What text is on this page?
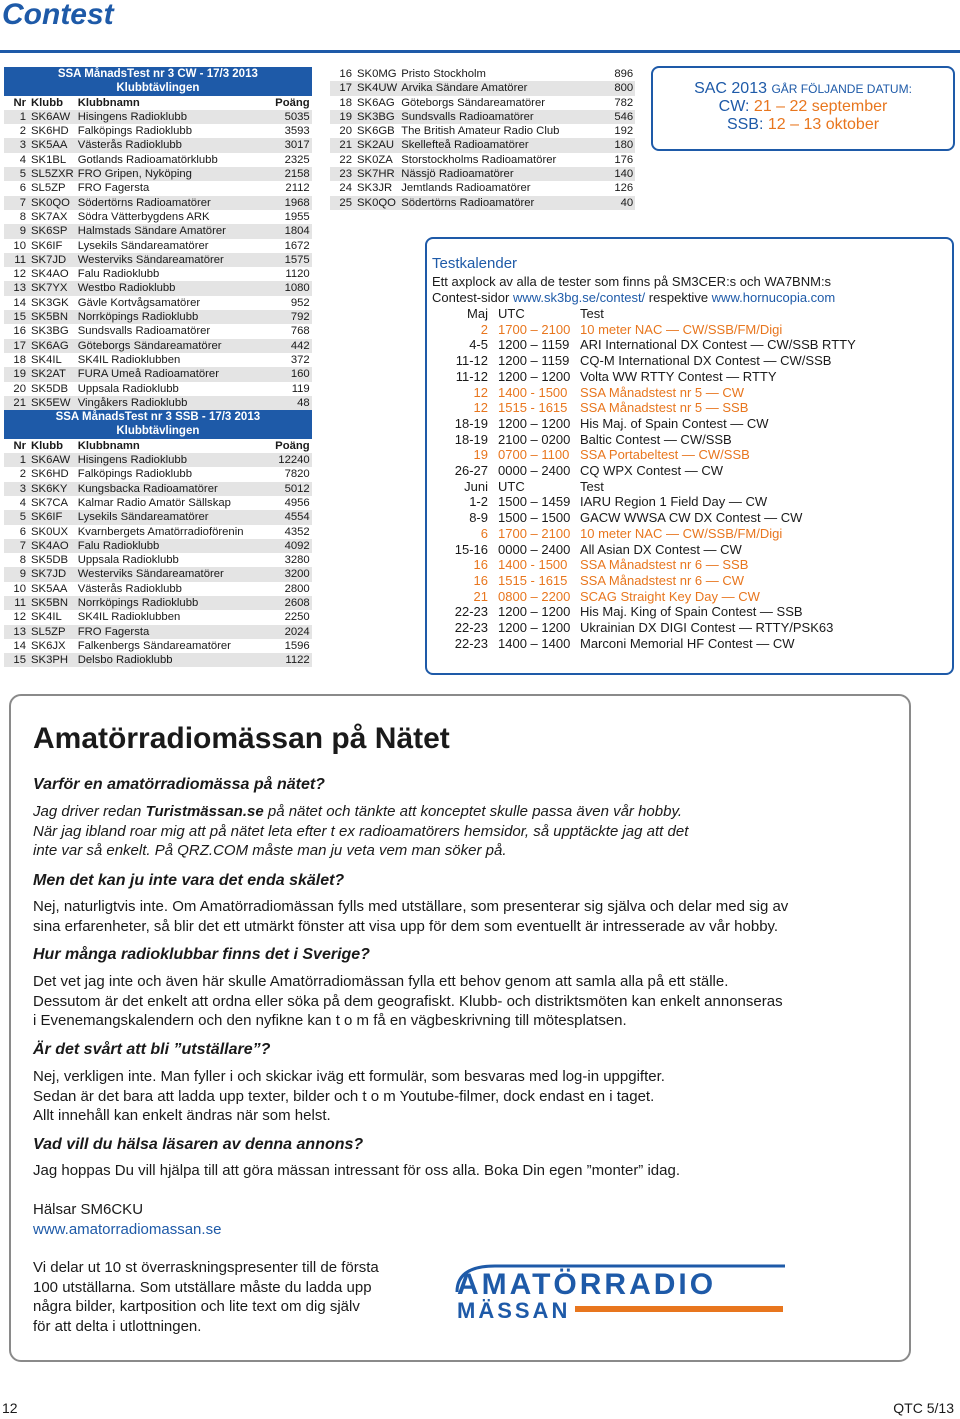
Contest
SSA MånadsTest nr 3 CW - 17/3 2013			
Klubbtävlingen			
Nr	Klubb	Klubbnamn	Poäng
1	SK6AW	Hisingens Radioklubb	5035
2	SK6HD	Falköpings Radioklubb	3593
3	SK5AA	Västerås Radioklubb	3017
4	SK1BL	Gotlands Radioamatörklubb	2325
5	SL5ZXR	FRO Gripen, Nyköping	2158
6	SL5ZP	FRO Fagersta	2112
7	SK0QO	Södertörns Radioamatörer	1968
8	SK7AX	Södra Vätterbygdens ARK	1955
9	SK6SP	Halmstads Sändare Amatörer	1804
10	SK6IF	Lysekils Sändareamatörer	1672
11	SK7JD	Westerviks Sändareamatörer	1575
12	SK4AO	Falu Radioklubb	1120
13	SK7YX	Westbo Radioklubb	1080
14	SK3GK	Gävle Kortvågsamatörer	952
15	SK5BN	Norrköpings Radioklubb	792
16	SK3BG	Sundsvalls Radioamatörer	768
17	SK6AG	Göteborgs Sändareamatörer	442
18	SK4IL	SK4IL Radioklubben	372
19	SK2AT	FURA Umeå Radioamatörer	160
20	SK5DB	Uppsala Radioklubb	119
21	SK5EW	Vingåkers Radioklubb	48
SSA MånadsTest nr 3 SSB - 17/3 2013			
Klubbtävlingen			
Nr	Klubb	Klubbnamn	Poäng
1	SK6AW	Hisingens Radioklubb	12240
2	SK6HD	Falköpings Radioklubb	7820
3	SK6KY	Kungsbacka Radioamatörer	5012
4	SK7CA	Kalmar Radio Amatör Sällskap	4956
5	SK6IF	Lysekils Sändareamatörer	4554
6	SK0UX	Kvarnbergets Amatörradioförenin	4352
7	SK4AO	Falu Radioklubb	4092
8	SK5DB	Uppsala Radioklubb	3280
9	SK7JD	Westerviks Sändareamatörer	3200
10	SK5AA	Västerås Radioklubb	2800
11	SK5BN	Norrköpings Radioklubb	2608
12	SK4IL	SK4IL Radioklubben	2250
13	SL5ZP	FRO Fagersta	2024
14	SK6JX	Falkenbergs Sändareamatörer	1596
15	SK3PH	Delsbo Radioklubb	1122
16	SK0MG	Pristo Stockholm	896
17	SK4UW	Arvika Sändare Amatörer	800
18	SK6AG	Göteborgs Sändareamatörer	782
19	SK3BG	Sundsvalls Radioamatörer	546
20	SK6GB	The British Amateur Radio Club	192
21	SK2AU	Skellefteå Radioamatörer	180
22	SK0ZA	Storstockholms Radioamatörer	176
23	SK7HR	Nässjö Radioamatörer	140
24	SK3JR	Jemtlands Radioamatörer	126
25	SK0QO	Södertörns Radioamatörer	40
SAC 2013 GÅR FÖLJANDE DATUM:
CW: 21 – 22 september
SSB: 12 – 13 oktober
Testkalender
Ett axplock av alla de tester som finns på SM3CER:s och WA7BNM:s
Contest-sidor www.sk3bg.se/contest/ respektive www.hornucopia.com
Maj	UTC	Test
2	1700 – 2100	10 meter NAC — CW/SSB/FM/Digi
4-5	1200 – 1159	ARI International DX Contest — CW/SSB RTTY
11-12	1200 – 1159	CQ-M International DX Contest — CW/SSB
11-12	1200 – 1200	Volta WW RTTY Contest — RTTY
12	1400 - 1500	SSA Månadstest nr 5 — CW
12	1515 - 1615	SSA Månadstest nr 5 — SSB
18-19	1200 – 1200	His Maj. of Spain Contest — CW
18-19	2100 – 0200	Baltic Contest — CW/SSB
19	0700 – 1100	SSA Portabeltest — CW/SSB
26-27	0000 – 2400	CQ WPX Contest — CW
Juni	UTC	Test
1-2	1500 – 1459	IARU Region 1 Field Day — CW
8-9	1500 – 1500	GACW WWSA CW DX Contest — CW
6	1700 – 2100	10 meter NAC — CW/SSB/FM/Digi
15-16	0000 – 2400	All Asian DX Contest — CW
16	1400 - 1500	SSA Månadstest nr 6 — SSB
16	1515 - 1615	SSA Månadstest nr 6 — CW
21	0800 – 2200	SCAG Straight Key Day — CW
22-23	1200 – 1200	His Maj. King of Spain Contest — SSB
22-23	1200 – 1200	Ukrainian DX DIGI Contest — RTTY/PSK63
22-23	1400 – 1400	Marconi Memorial HF Contest — CW
Amatörradiomässan på Nätet
Varför en amatörradiomässa på nätet?
Jag driver redan Turistmässan.se på nätet och tänkte att konceptet skulle passa även vår hobby.
När jag ibland roar mig att på nätet leta efter t ex radioamatörers hemsidor, så upptäckte jag att det
inte var så enkelt. På QRZ.COM måste man ju veta vem man söker på.
Men det kan ju inte vara det enda skälet?
Nej, naturligtvis inte. Om Amatörradiomässan fylls med utställare, som presenterar sig själva och delar med sig av
sina erfarenheter, så blir det ett utmärkt fönster att visa upp för dem som eventuellt är intresserade av vår hobby.
Hur många radioklubbar finns det i Sverige?
Det vet jag inte och även här skulle Amatörradiomässan fylla ett behov genom att samla alla på ett ställe.
Dessutom är det enkelt att ordna eller söka på dem geografiskt. Klubb- och distriktsmöten kan enkelt annonseras
i Evenemangskalendern och den nyfikne kan t o m få en vägbeskrivning till mötesplatsen.
Är det svårt att bli ”utställare”?
Nej, verkligen inte. Man fyller i och skickar iväg ett formulär, som besvaras med log-in uppgifter.
Sedan är det bara att ladda upp texter, bilder och t o m Youtube-filmer, dock endast en i taget.
Allt innehåll kan enkelt ändras när som helst.
Vad vill du hälsa läsaren av denna annons?
Jag hoppas Du vill hjälpa till att göra mässan intressant för oss alla. Boka Din egen ”monter” idag.
Hälsar SM6CKU
www.amatorradiomassan.se
Vi delar ut 10 st överraskningspresenter till de första
100 utställarna. Som utställare måste du ladda upp
några bilder, kartposition och lite text om dig själv
för att delta i utlottningen.
AMATÖRRADIO
MÄSSAN
12	QTC 5/13
